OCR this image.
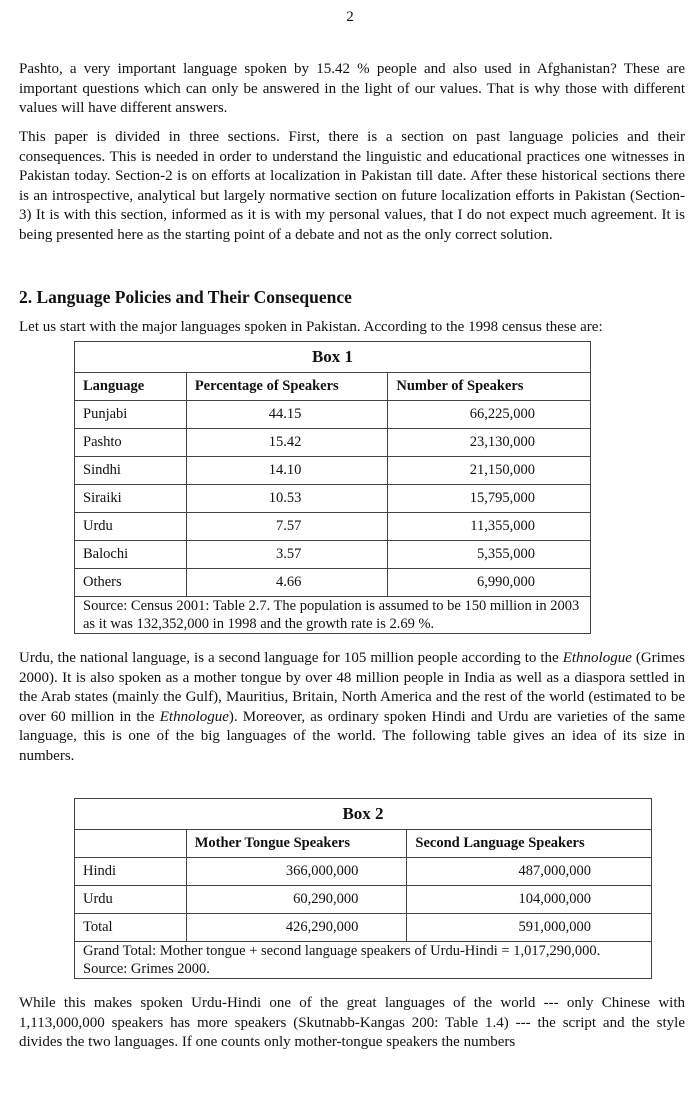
2

Pashto, a very important language spoken by 15.42 % people and also used in Afghanistan? These are important questions which can only be answered in the light of our values. That is why those with different values will have different answers.

This paper is divided in three sections. First, there is a section on past language policies and their consequences. This is needed in order to understand the linguistic and educational practices one witnesses in Pakistan today. Section-2 is on efforts at localization in Pakistan till date. After these historical sections there is an introspective, analytical but largely normative section on future localization efforts in Pakistan (Section-3) It is with this section, informed as it is with my personal values, that I do not expect much agreement. It is being presented here as the starting point of a debate and not as the only correct solution.

2. Language Policies and Their Consequence

Let us start with the major languages spoken in Pakistan. According to the 1998 census these are:

Box 1		
Language	Percentage of Speakers	Number of Speakers
Punjabi	44.15	66,225,000
Pashto	15.42	23,130,000
Sindhi	14.10	21,150,000
Siraiki	10.53	15,795,000
Urdu	7.57	11,355,000
Balochi	3.57	5,355,000
Others	4.66	6,990,000
Source: Census 2001: Table 2.7. The population is assumed to be 150 million in 2003 as it was 132,352,000 in 1998 and the growth rate is 2.69 %.		

Urdu, the national language, is a second language for 105 million people according to the Ethnologue (Grimes 2000). It is also spoken as a mother tongue by over 48 million people in India as well as a diaspora settled in the Arab states (mainly the Gulf), Mauritius, Britain, North America and the rest of the world (estimated to be over 60 million in the Ethnologue). Moreover, as ordinary spoken Hindi and Urdu are varieties of the same language, this is one of the big languages of the world. The following table gives an idea of its size in numbers.

Box 2		
	Mother Tongue Speakers	Second Language Speakers
Hindi	366,000,000	487,000,000
Urdu	60,290,000	104,000,000
Total	426,290,000	591,000,000
Grand Total: Mother tongue + second language speakers of Urdu-Hindi = 1,017,290,000.
Source: Grimes 2000.		

While this makes spoken Urdu-Hindi one of the great languages of the world --- only Chinese with 1,113,000,000 speakers has more speakers (Skutnabb-Kangas 200: Table 1.4) --- the script and the style divides the two languages. If one counts only mother-tongue speakers the numbers
